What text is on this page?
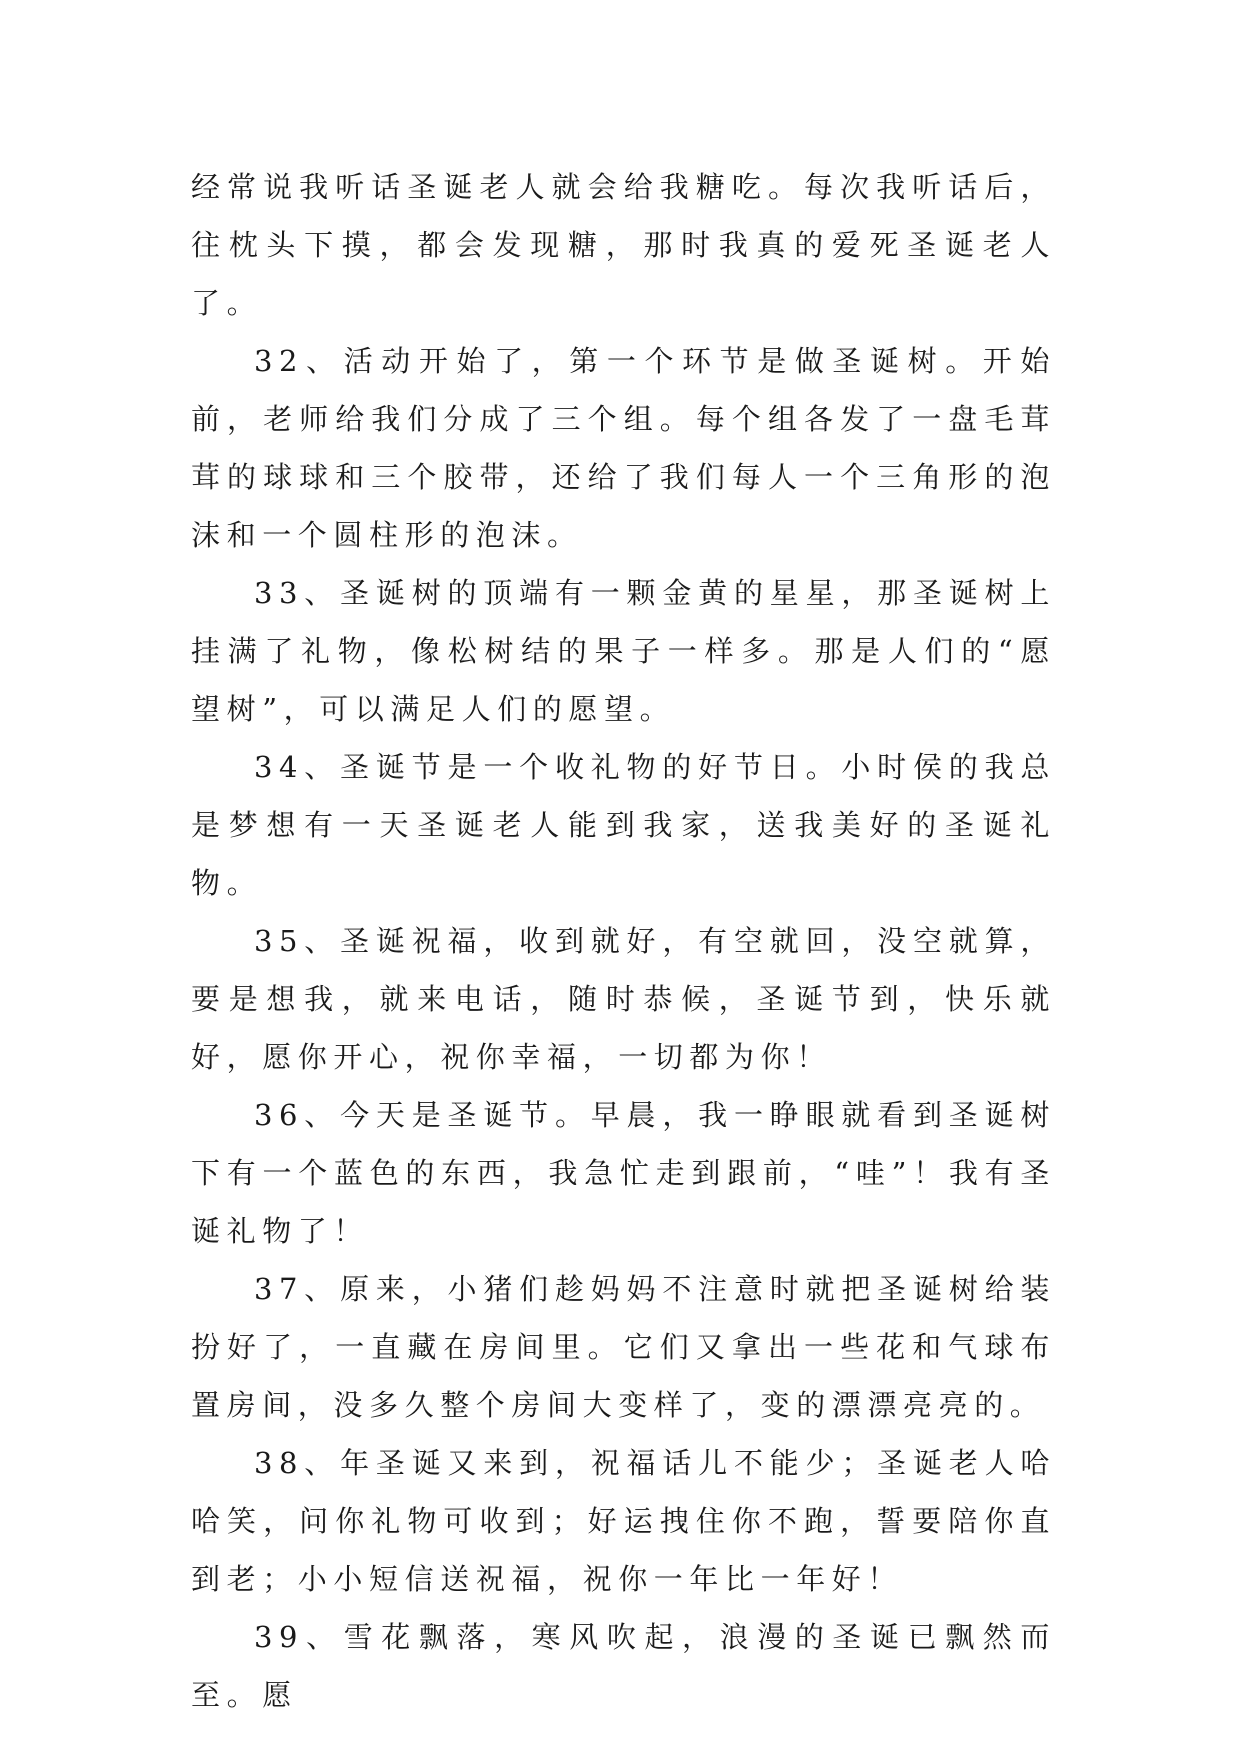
经常说我听话圣诞老人就会给我糖吃。每次我听话后，往枕头下摸，都会发现糖，那时我真的爱死圣诞老人了。

32、活动开始了，第一个环节是做圣诞树。开始前，老师给我们分成了三个组。每个组各发了一盘毛茸茸的球球和三个胶带，还给了我们每人一个三角形的泡沫和一个圆柱形的泡沫。

33、圣诞树的顶端有一颗金黄的星星，那圣诞树上挂满了礼物，像松树结的果子一样多。那是人们的“愿望树”，可以满足人们的愿望。

34、圣诞节是一个收礼物的好节日。小时侯的我总是梦想有一天圣诞老人能到我家，送我美好的圣诞礼物。

35、圣诞祝福，收到就好，有空就回，没空就算，要是想我，就来电话，随时恭候，圣诞节到，快乐就好，愿你开心，祝你幸福，一切都为你！

36、今天是圣诞节。早晨，我一睁眼就看到圣诞树下有一个蓝色的东西，我急忙走到跟前，“哇”！我有圣诞礼物了！

37、原来，小猪们趁妈妈不注意时就把圣诞树给装扮好了，一直藏在房间里。它们又拿出一些花和气球布置房间，没多久整个房间大变样了，变的漂漂亮亮的。

38、年圣诞又来到，祝福话儿不能少；圣诞老人哈哈笑，问你礼物可收到；好运拽住你不跑，誓要陪你直到老；小小短信送祝福，祝你一年比一年好！

39、雪花飘落，寒风吹起，浪漫的圣诞已飘然而至。愿
